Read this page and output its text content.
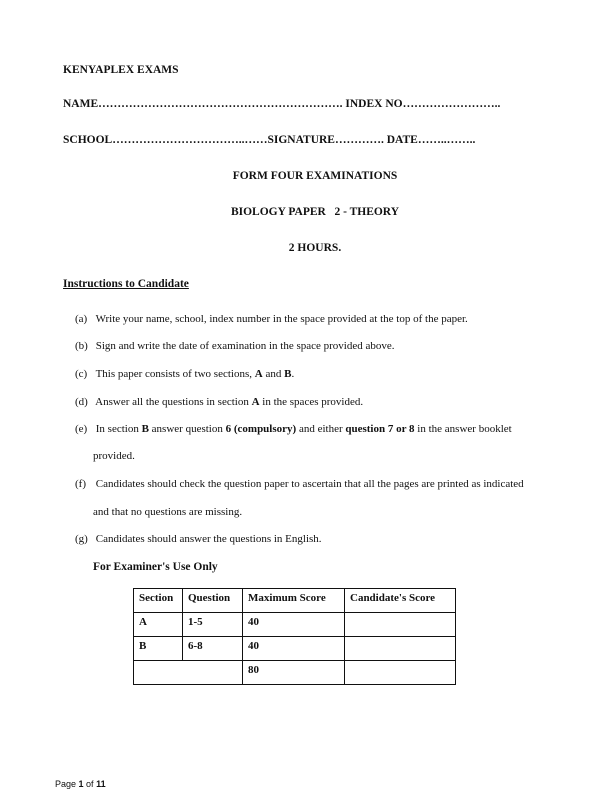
KENYAPLEX EXAMS
NAME………………………………………………………. INDEX NO……………………..
SCHOOL……………………………..……SIGNATURE…………. DATE……..……..
FORM FOUR EXAMINATIONS
BIOLOGY PAPER   2 - THEORY
2 HOURS.
Instructions to Candidate
(a) Write your name, school, index number in the space provided at the top of the paper.
(b) Sign and write the date of examination in the space provided above.
(c) This paper consists of two sections, A and B.
(d) Answer all the questions in section A in the spaces provided.
(e) In section B answer question 6 (compulsory) and either question 7 or 8 in the answer booklet
provided.
(f) Candidates should check the question paper to ascertain that all the pages are printed as indicated
and that no questions are missing.
(g) Candidates should answer the questions in English.
For Examiner's Use Only
Section	Question	Maximum Score	Candidate's Score
A	1-5	40	
B	6-8	40	
		80	
Page 1 of 11
